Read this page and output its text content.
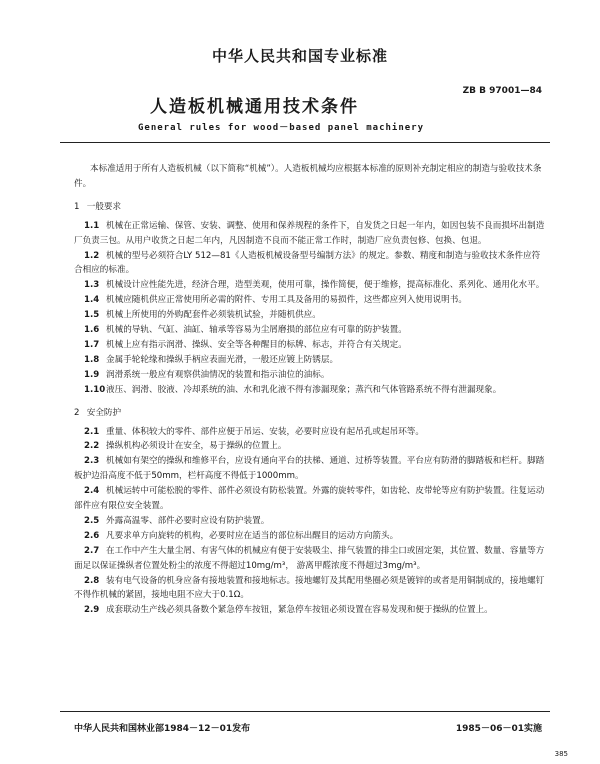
中华人民共和国专业标准
ZB B 97001—84
人造板机械通用技术条件
General rules for wood－based panel machinery

本标准适用于所有人造板机械（以下简称“机械”）。人造板机械均应根据本标准的原则补充制定相应的制造与验收技术条件。

1 一般要求

1.1 机械在正常运输、保管、安装、调整、使用和保养规程的条件下，自发货之日起一年内，如因包装不良而损坏出制造厂负责三包。从用户收货之日起二年内，凡因制造不良而不能正常工作时，制造厂应负责包修、包换、包退。

1.2 机械的型号必须符合LY 512—81《人造板机械设备型号编制方法》的规定。参数、精度和制造与验收技术条件应符合相应的标准。

1.3 机械设计应性能先进，经济合理，造型美观，使用可靠，操作简便，便于维修，提高标准化、系列化、通用化水平。

1.4 机械应随机供应正常使用所必需的附件、专用工具及备用的易损件，这些都应列入使用说明书。

1.5 机械上所使用的外购配套件必须装机试验，并随机供应。

1.6 机械的导轨、气缸、油缸、轴承等容易为尘屑磨损的部位应有可靠的防护装置。

1.7 机械上应有指示润滑、操纵、安全等各种醒目的标牌、标志，并符合有关规定。

1.8 金属手轮轮缘和操纵手柄应表面光滑，一般还应镀上防锈层。

1.9 润滑系统一般应有观察供油情况的装置和指示油位的油标。

1.10液压、润滑、胶液、冷却系统的油、水和乳化液不得有渗漏现象；蒸汽和气体管路系统不得有泄漏现象。

2 安全防护

2.1 重量、体积较大的零件、部件应便于吊运、安装，必要时应设有起吊孔或起吊环等。

2.2 操纵机构必须设计在安全，易于操纵的位置上。

2.3 机械如有架空的操纵和维修平台，应设有通向平台的扶梯、通道、过桥等装置。平台应有防滑的脚踏板和栏杆。脚踏板护边沿高度不低于50mm，栏杆高度不得低于1000mm。

2.4 机械运转中可能松脱的零件、部件必须设有防松装置。外露的旋转零件，如齿轮、皮带轮等应有防护装置。往复运动部件应有限位安全装置。

2.5 外露高温零、部件必要时应设有防护装置。

2.6 凡要求单方向旋转的机构，必要时应在适当的部位标出醒目的运动方向箭头。

2.7 在工作中产生大量尘屑、有害气体的机械应有便于安装吸尘、排气装置的排尘口或固定架，其位置、数量、容量等方面足以保证操纵者位置处粉尘的浓度不得超过10mg/m³， 游离甲醛浓度不得超过3mg/m³。

2.8 装有电气设备的机身应备有接地装置和接地标志。接地螺钉及其配用垫圈必须是镀锌的或者是用铜制成的，接地螺钉不得作机械的紧固，接地电阻不应大于0.1Ω。

2.9 成套联动生产线必须具备数个紧急停车按钮，紧急停车按钮必须设置在容易发现和便于操纵的位置上。

中华人民共和国林业部1984－12－01发布	1985－06－01实施
385
